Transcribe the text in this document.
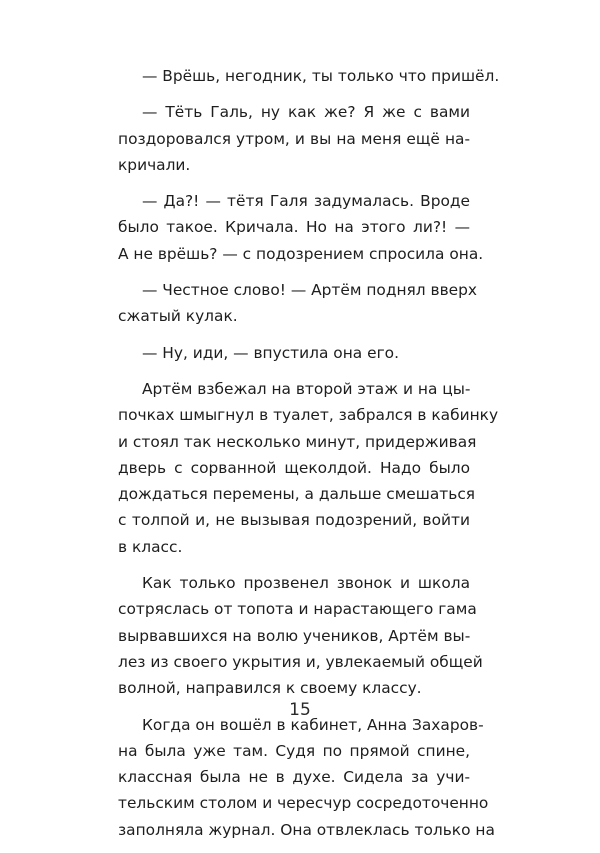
— Врёшь, негодник, ты только что пришёл.

— Тёть Галь, ну как же? Я же с вами
поздоровался утром, и вы на меня ещё на-
кричали.

— Да?! — тётя Галя задумалась. Вроде
было такое. Кричала. Но на этого ли?! —
А не врёшь? — с подозрением спросила она.

— Честное слово! — Артём поднял вверх
сжатый кулак.

— Ну, иди, — впустила она его.

Артём взбежал на второй этаж и на цы-
почках шмыгнул в туалет, забрался в кабинку
и стоял так несколько минут, придерживая
дверь с сорванной щеколдой. Надо было
дождаться перемены, а дальше смешаться
с толпой и, не вызывая подозрений, войти
в класс.

Как только прозвенел звонок и школа
сотряслась от топота и нарастающего гама
вырвавшихся на волю учеников, Артём вы-
лез из своего укрытия и, увлекаемый общей
волной, направился к своему классу.

Когда он вошёл в кабинет, Анна Захаров-
на была уже там. Судя по прямой спине,
классная была не в духе. Сидела за учи-
тельским столом и чересчур сосредоточенно
заполняла журнал. Она отвлеклась только на

15
